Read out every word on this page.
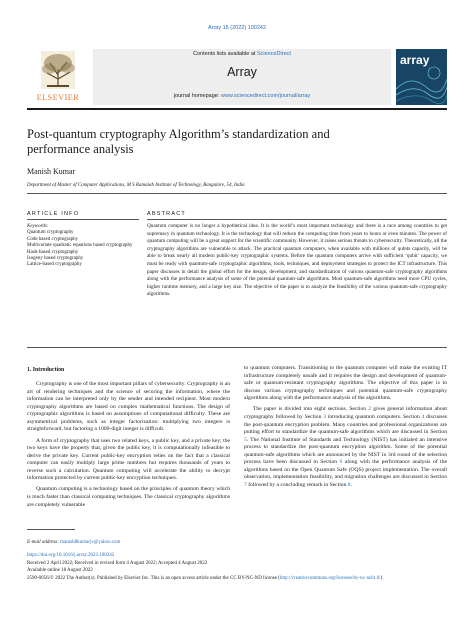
Array 15 (2022) 100242
ELSEVIER
Contents lists available at ScienceDirect
Array
journal homepage: www.sciencedirect.com/journal/array
array
Post-quantum cryptography Algorithm’s standardization and performance analysis
Manish Kumar
Department of Master of Computer Applications, M S Ramaiah Institute of Technology, Bangalore, 54, India
ARTICLE INFO
Keywords:
Quantum cryptography
Code based cryptography
Multivariate quadratic equations based cryptography
Hash-based cryptography
Isogeny based cryptography
Lattice-based cryptography
ABSTRACT
Quantum computer is no longer a hypothetical idea. It is the world’s most important technology and there is a race among countries to get supremacy in quantum technology. It is the technology that will reduce the computing time from years to hours or even minutes. The power of quantum computing will be a great support for the scientific community. However, it raises serious threats to cybersecurity. Theoretically, all the cryptography algorithms are vulnerable to attack. The practical quantum computers, when available with millions of qubits capacity, will be able to break nearly all modern public-key cryptographic systems. Before the quantum computers arrive with sufficient ‘qubit’ capacity, we must be ready with quantum-safe cryptographic algorithms, tools, techniques, and deployment strategies to protect the ICT infrastructure. This paper discusses in detail the global effort for the design, development, and standardization of various quantum-safe cryptography algorithms along with the performance analysis of some of the potential quantum-safe algorithms. Most quantum-safe algorithms need more CPU cycles, higher runtime memory, and a large key size. The objective of the paper is to analyze the feasibility of the various quantum-safe cryptography algorithms.
1. Introduction

Cryptography is one of the most important pillars of cybersecurity. Cryptography is an art of rendering techniques and the science of securing the information, where the information can be interpreted only by the sender and intended recipient. Most modern cryptography algorithms are based on complex mathematical functions. The design of cryptographic algorithms is based on assumptions of computational difficulty. These are asymmetrical problems, such as integer factorization: multiplying two integers is straightforward, but factoring a 1000-digit integer is difficult.

A form of cryptography that uses two related keys, a public key, and a private key; the two keys have the property that, given the public key, it is computationally infeasible to derive the private key. Current public-key encryption relies on the fact that a classical computer can easily multiply large prime numbers but requires thousands of years to reverse such a calculation. Quantum computing will accelerate the ability to decrypt information protected by current public-key encryption techniques.

Quantum computing is a technology based on the principles of quantum theory which is much faster than classical computing techniques. The classical cryptography algorithms are completely vulnerable

to quantum computers. Transitioning to the quantum computer will make the existing IT infrastructure completely unsafe and it requires the design and development of quantum-safe or quantum-resistant cryptography algorithms. The objective of this paper is to discuss various cryptography techniques and potential quantum-safe cryptography algorithms along with the performance analysis of the algorithms.

The paper is divided into eight sections. Section 2 gives general information about cryptography followed by Section 3 introducing quantum computers. Section 4 discusses the post-quantum encryption problem. Many countries and professional organizations are putting effort to standardize the quantum-safe algorithms which are discussed in Section 5. The National Institute of Standards and Technology (NIST) has initiated an intensive process to standardize the post-quantum encryption algorithm. Some of the potential quantum-safe algorithms which are announced by the NIST in 3rd round of the selection process have been discussed in Section 6 along with the performance analysis of the algorithms based on the Open Quantum Safe (OQS) project implementation. The overall observation, implementation feasibility, and migration challenges are discussed in Section 7 followed by a concluding remark in Section 8.

E-mail address: manish8kumarjv@yahoo.com
https://doi.org/10.1016/j.array.2022.100242
Received 2 April 2022; Received in revised form 4 August 2022; Accepted 4 August 2022
Available online 18 August 2022
2590-0056/© 2022 The Author(s). Published by Elsevier Inc. This is an open access article under the CC BY-NC-ND license (http://creativecommons.org/licenses/by-nc-nd/4.0/).
